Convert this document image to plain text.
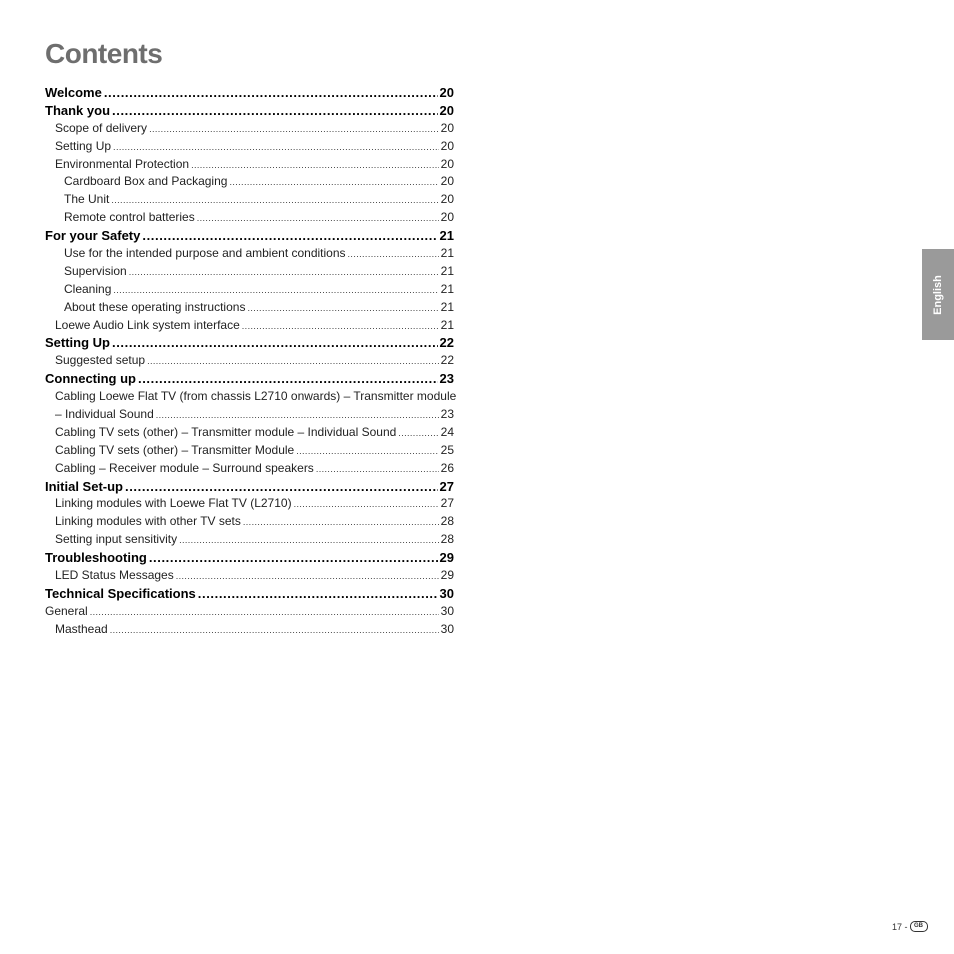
Contents
Welcome .....	20
Thank you .....	20
Scope of delivery .....	20
Setting Up .....	20
Environmental Protection .....	20
Cardboard Box and Packaging .....	20
The Unit .....	20
Remote control batteries .....	20
For your Safety .....	21
Use for the intended purpose and ambient conditions .....	21
Supervision .....	21
Cleaning .....	21
About these operating instructions .....	21
Loewe Audio Link system interface .....	21
Setting Up .....	22
Suggested setup .....	22
Connecting up .....	23
Cabling Loewe Flat TV (from chassis L2710 onwards) – Transmitter module
– Individual Sound .....	23
Cabling TV sets (other) – Transmitter module – Individual Sound .....	24
Cabling TV sets (other) – Transmitter Module .....	25
Cabling – Receiver module – Surround speakers .....	26
Initial Set-up .....	27
Linking modules with Loewe Flat TV (L2710) .....	27
Linking modules with other TV sets .....	28
Setting input sensitivity .....	28
Troubleshooting .....	29
LED Status Messages .....	29
Technical Specifications .....	30
General .....	30
Masthead .....	30
English
17 -	GB
